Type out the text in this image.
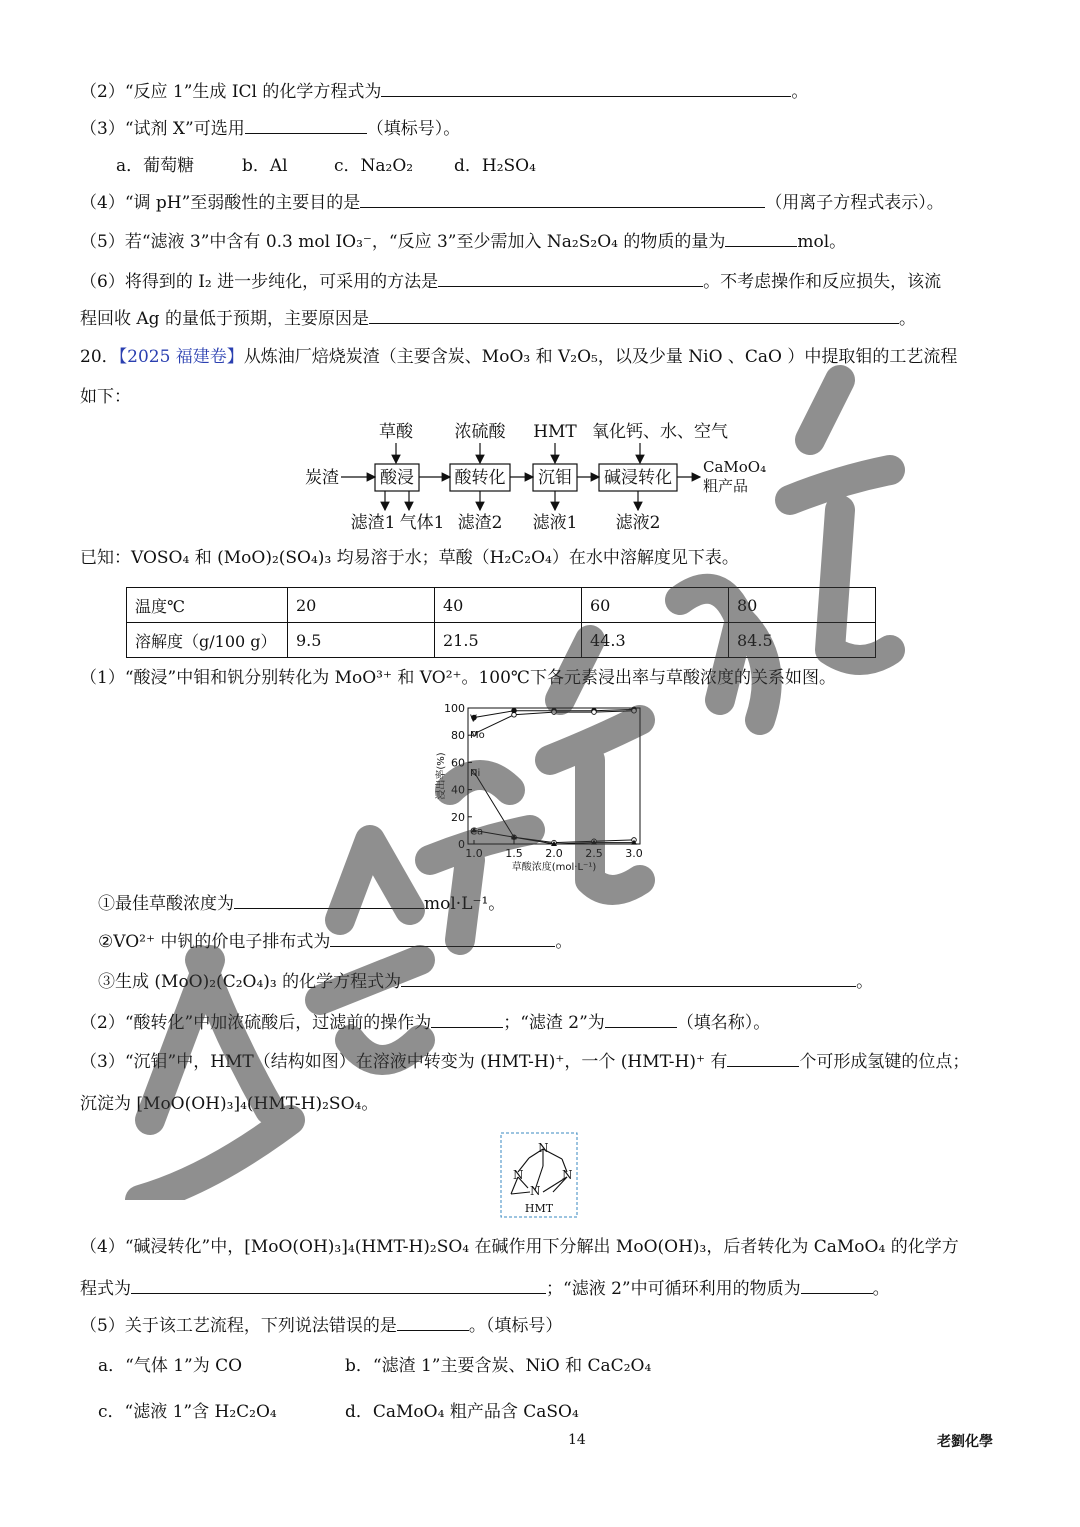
（2）“反应 1”生成 ICl 的化学方程式为	。
（3）“试剂 X”可选用	（填标号）。
a．葡萄糖	b．Al	c．Na₂O₂ d．H₂SO₄
（4）“调 pH”至弱酸性的主要目的是	（用离子方程式表示）。
（5）若“滤液 3”中含有 0.3 mol IO₃⁻，“反应 3”至少需加入 Na₂S₂O₄ 的物质的量为	mol。
（6）将得到的 I₂ 进一步纯化，可采用的方法是	。不考虑操作和反应损失，该流
程回收 Ag 的量低于预期，主要原因是	。
20．【2025 福建卷】从炼油厂焙烧炭渣（主要含炭、MoO₃ 和 V₂O₅，以及少量 NiO 、CaO ）中提取钼的工艺流程
如下：
草酸 浓硫酸 HMT 氧化钙、水、空气
炭渣 酸浸 酸转化 沉钼 碱浸转化
CaMoO₄
粗产品
滤渣1 气体1 滤渣2 滤液1 滤液2
已知：VOSO₄ 和 (MoO)₂(SO₄)₃ 均易溶于水；草酸（H₂C₂O₄）在水中溶解度见下表。
温度℃	20	40	60	80
溶解度（g/100 g）	9.5	21.5	44.3	84.5
（1）“酸浸”中钼和钒分别转化为 MoO³⁺ 和 VO²⁺。100℃下各元素浸出率与草酸浓度的关系如图。
0
20
40
60
80
100
1.0 1.5 2.0 2.5 3.0
草酸浓度(mol·L⁻¹)
浸出率(%)
V
Mo
Ni
Ca
①最佳草酸浓度为	mol·L⁻¹。
②VO²⁺ 中钒的价电子排布式为	。
③生成 (MoO)₂(C₂O₄)₃ 的化学方程式为	。
（2）“酸转化”中加浓硫酸后，过滤前的操作为	；“滤渣 2”为	（填名称）。
（3）“沉钼”中，HMT（结构如图）在溶液中转变为 (HMT-H)⁺，一个 (HMT-H)⁺ 有	个可形成氢键的位点；
沉淀为 [MoO(OH)₃]₄(HMT-H)₂SO₄。
N
N
N
N
HMT
（4）“碱浸转化”中，[MoO(OH)₃]₄(HMT-H)₂SO₄ 在碱作用下分解出 MoO(OH)₃，后者转化为 CaMoO₄ 的化学方
程式为	；“滤液 2”中可循环利用的物质为	。
（5）关于该工艺流程，下列说法错误的是	。（填标号）
a．“气体 1”为 CO	b．“滤渣 1”主要含炭、NiO 和 CaC₂O₄
c．“滤液 1”含 H₂C₂O₄	d．CaMoO₄ 粗产品含 CaSO₄
14	老劉化學
